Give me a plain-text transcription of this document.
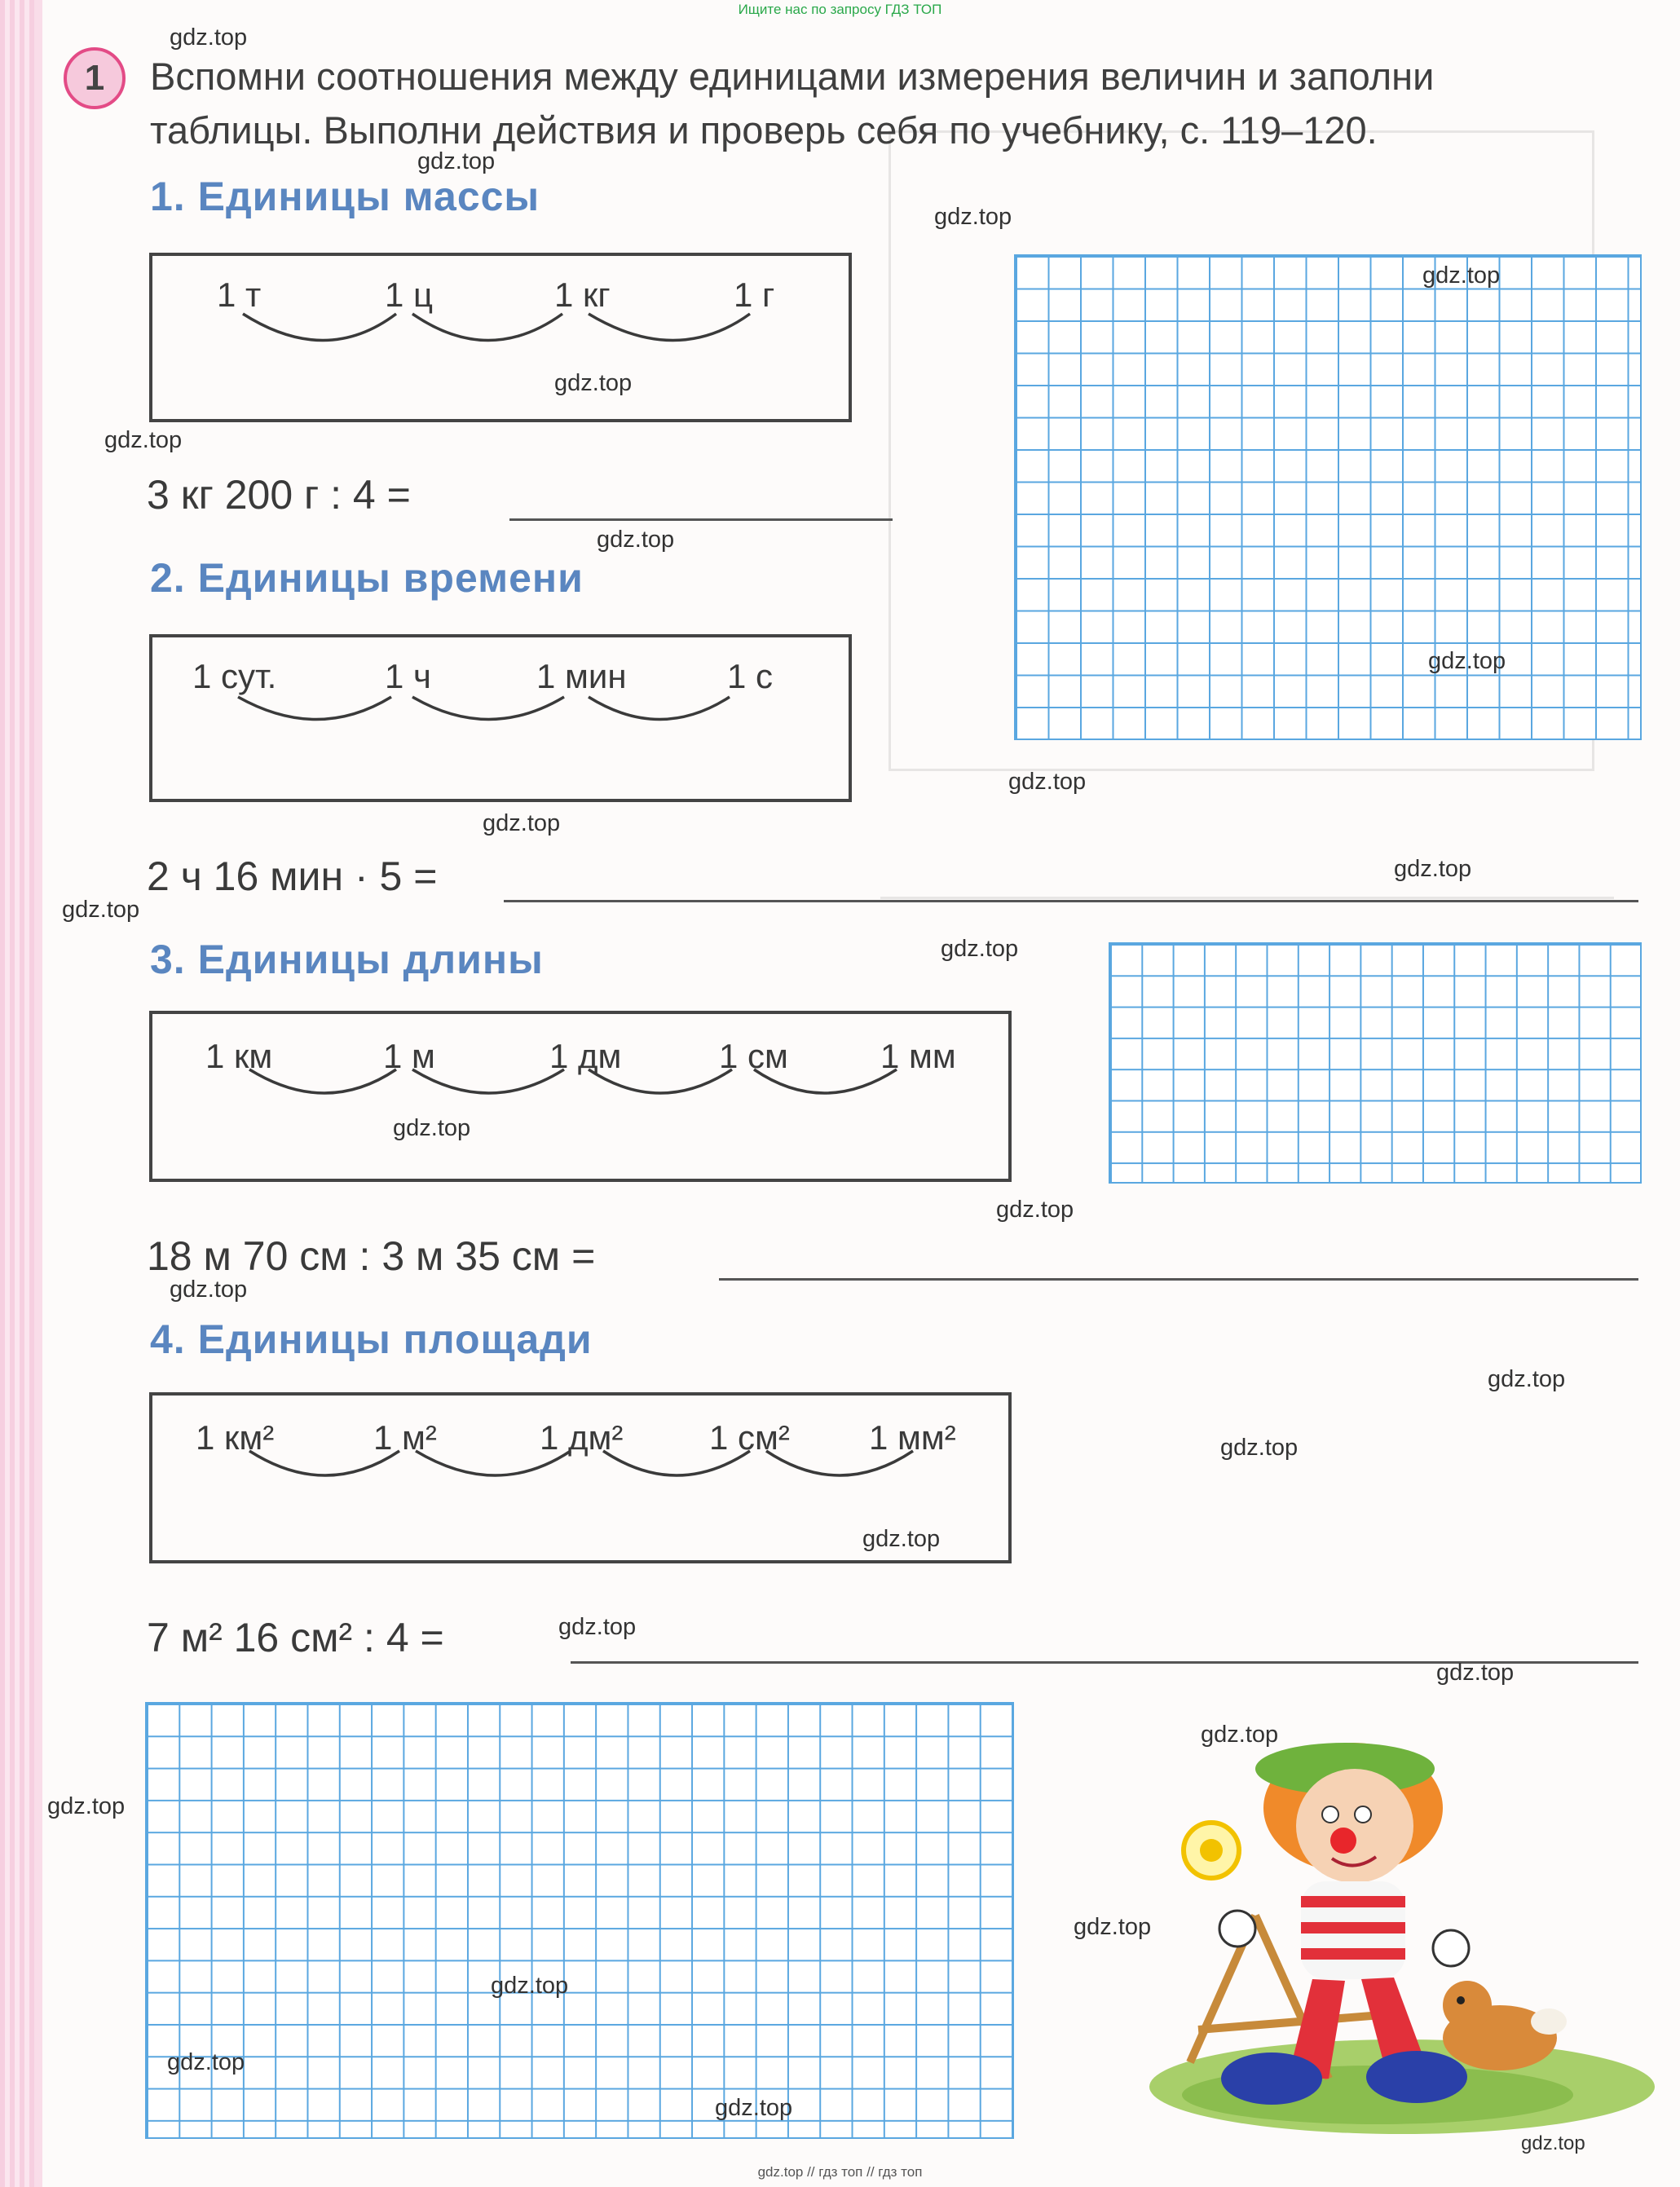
Ищите нас по запросу ГДЗ ТОП
1	Вспомни соотношения между единицами измерения величин и заполни
таблицы. Выполни действия и проверь себя по учебнику, с. 119–120.
1. Единицы массы
1 т	1 ц	1 кг	1 г
3 кг 200 г : 4 =
2. Единицы времени
1 сут.	1 ч	1 мин	1 с
2 ч 16 мин · 5 =
3. Единицы длины
1 км	1 м	1 дм	1 см	1 мм
18 м 70 см : 3 м 35 см =
4. Единицы площади
1 км²	1 м²	1 дм²	1 см² 1 мм²
7 м² 16 см² : 4 =
gdz.top
gdz.top
gdz.top
gdz.top
gdz.top
gdz.top
gdz.top
gdz.top
gdz.top
gdz.top
gdz.top
gdz.top
gdz.top
gdz.top
gdz.top
gdz.top
gdz.top
gdz.top
gdz.top
gdz.top
gdz.top
gdz.top
gdz.top
gdz.top
gdz.top
gdz.top
gdz.top
gdz.top
gdz.top // гдз топ // гдз топ
